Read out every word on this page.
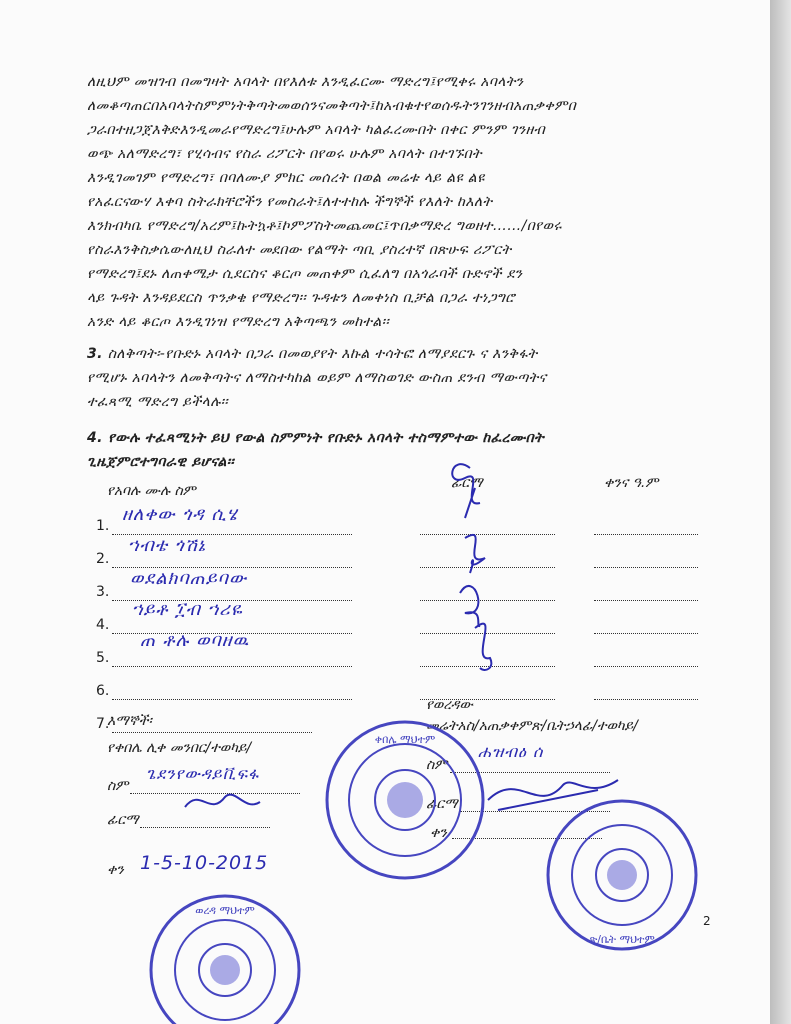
ለዚህም መዝገብ በመግዛት አባላት በየእለቱ እንዲፈርሙ ማድረግ፤የሚቀሩ አባላትን
ለመቆጣጠርበአባላትስምምነትቅጣትመወሰንናመቅጣት፤ከአብቁተየወሰዱትንገንዘብአጠቃቀምበ
ጋራበተዘጋጀእቅድእንዲመራየማድረግ፤ሁሉም አባላት ካልፈረሙበት በቀር ምንም ገንዘብ
ወጭ አለማድረግ፣ የሂሳብና የስራ ሪፖርት በየወሩ ሁሉም አባላት በተገኙበት
እንዲገመገም የማድረግ፣ በባለሙያ ምክር መሰረት በወል መሬቱ ላይ ልዩ ልዩ
የአፈርናውሃ እቀባ ስትራክቸሮችን የመስራት፤ለተተከሉ ችግኞች የእለት ከእለት
እንክብካቤ የማድረግ/አረም፤ኩትኳቶ፤ኮምፖስትመጨመር፤ጥበቃማድረ ግወዘተ……/በየወሩ
የስራእንቅስቃሴውለዚህ ስራለተ መደበው የልማት ጣቢ ያስረተኛ በጽሁፍ ሪፖርት
የማድረግ፤ደኑ ለጠቀሜታ ሲደርስና ቆርጦ መጠቀም ሲፈለግ በአጎራባች ቡድኖች ደን
ላይ ጉዳት እንዳይደርስ ጥንቃቄ የማድረግ፡፡ ጉዳቱን ለመቀነስ ቢቻል በጋራ ተነጋግሮ
አንድ ላይ ቆርጦ እንዲገነዝ የማድረግ አቅጣጫን መከተል፡፡
3. ስለቅጣት፡-የቡድኑ አባላት በጋራ በመወያየት እኩል ተሳትፎ ለማያደርጉ ና እንቅፋት
የሚሆኑ አባላትን ለመቅጣትና ለማስተካከል ወይም ለማስወገድ ውስጠ ደንብ ማውጣትና
ተፈጻሚ ማድረግ ይችላሉ፡፡
4. የውሉ ተፈጻሚነት ይህ የውል ስምምነት የቡድኑ አባላት ተስማምተው ከፈረሙበት
ጊዜጀምሮተግባራዊ ይሆናል፡፡
የአባሉ ሙሉ ስም	ፊርማ	ቀንና ዓ.ም
1.
ዘለቀው ጎዳ ሲሄ
2.
ኀብቴ ጎሽኔ
3.
ወደልክባጠይባው
4.
ኀይቶ ፲ብ ኀሪዬ
5.
ጠ ቶሉ ወባዘዉ
6.
7.
የወረዳው
መሬትአስ/አጠቃቀምጽ/ቤትኃላፊ/ተወካይ/
ስም
ሐዝብዕ ሰ
ፊርማ
ቀን
እማኞች፡
የቀበሌ ሊቀ መንበር/ተወካይ/
ስም
ጌደንየውዳይቪፍፋ
ፊርማ
ቀን 1-5-10-2015
ቀበሌ ማህተም
ጽ/ቤት ማህተም
ወረዳ ማህተም
2
